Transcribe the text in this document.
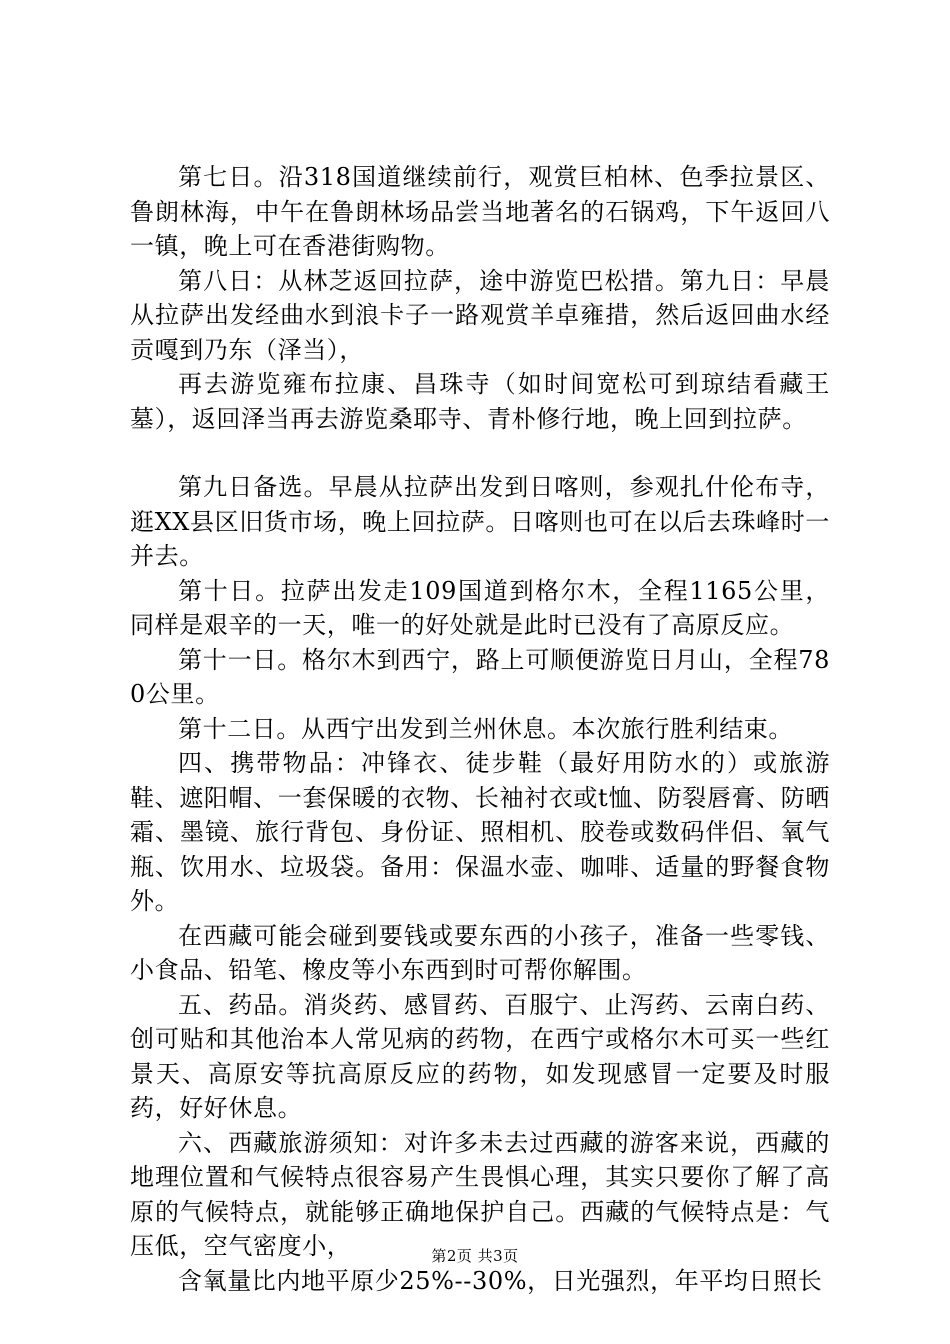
第七日。沿318国道继续前行，观赏巨柏林、色季拉景区、鲁朗林海，中午在鲁朗林场品尝当地著名的石锅鸡，下午返回八一镇，晚上可在香港街购物。

第八日：从林芝返回拉萨，途中游览巴松措。第九日：早晨从拉萨出发经曲水到浪卡子一路观赏羊卓雍措，然后返回曲水经贡嘎到乃东（泽当），

再去游览雍布拉康、昌珠寺（如时间宽松可到琼结看藏王墓），返回泽当再去游览桑耶寺、青朴修行地，晚上回到拉萨。

第九日备选。早晨从拉萨出发到日喀则，参观扎什伦布寺，逛XX县区旧货市场，晚上回拉萨。日喀则也可在以后去珠峰时一并去。

第十日。拉萨出发走109国道到格尔木，全程1165公里，同样是艰辛的一天，唯一的好处就是此时已没有了高原反应。

第十一日。格尔木到西宁，路上可顺便游览日月山，全程780公里。

第十二日。从西宁出发到兰州休息。本次旅行胜利结束。

四、携带物品：冲锋衣、徒步鞋（最好用防水的）或旅游鞋、遮阳帽、一套保暖的衣物、长袖衬衣或t恤、防裂唇膏、防晒霜、墨镜、旅行背包、身份证、照相机、胶卷或数码伴侣、氧气瓶、饮用水、垃圾袋。备用：保温水壶、咖啡、适量的野餐食物外。

在西藏可能会碰到要钱或要东西的小孩子，准备一些零钱、小食品、铅笔、橡皮等小东西到时可帮你解围。

五、药品。消炎药、感冒药、百服宁、止泻药、云南白药、创可贴和其他治本人常见病的药物，在西宁或格尔木可买一些红景天、高原安等抗高原反应的药物，如发现感冒一定要及时服药，好好休息。

六、西藏旅游须知：对许多未去过西藏的游客来说，西藏的地理位置和气候特点很容易产生畏惧心理，其实只要你了解了高原的气候特点，就能够正确地保护自己。西藏的气候特点是：气压低，空气密度小，

含氧量比内地平原少25%--30%，日光强烈，年平均日照长

第2页 共3页
